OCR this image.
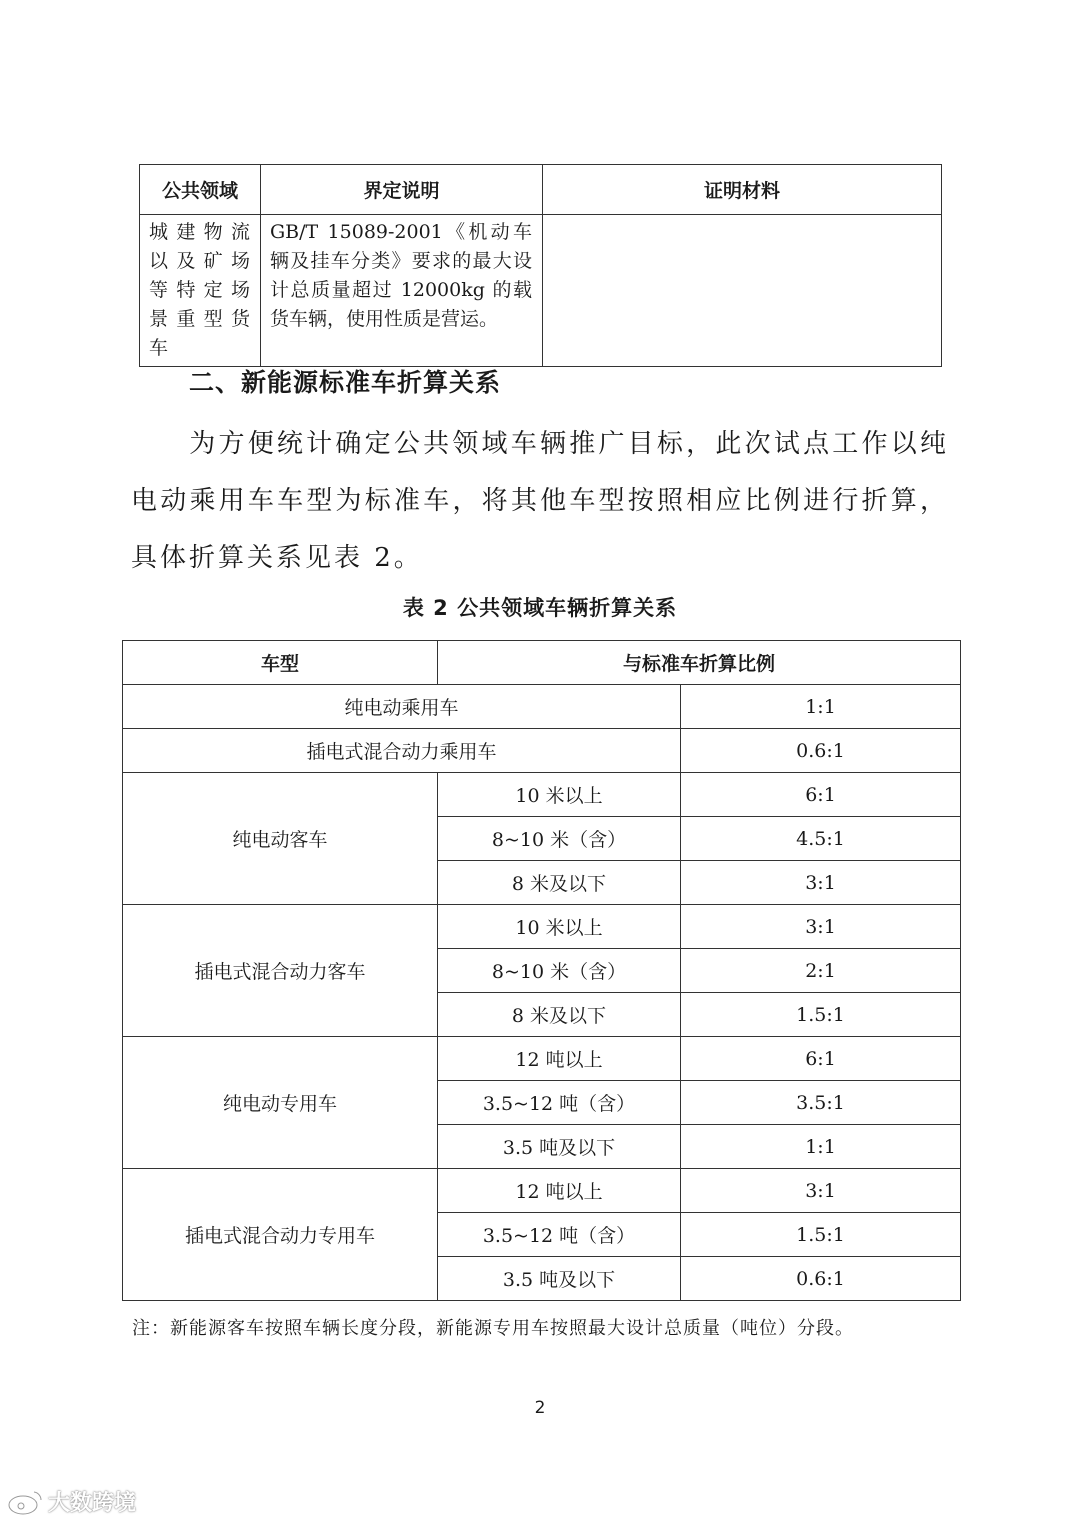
公共领域	界定说明	证明材料

城建物流
以及矿场
等特定场
景重型货
车	GB/T 15089-2001《机动车辆及挂车分类》要求的最大设计总质量超过 12000kg 的载货车辆，使用性质是营运。	
二、新能源标准车折算关系

为方便统计确定公共领域车辆推广目标，此次试点工作以纯电动乘用车车型为标准车，将其他车型按照相应比例进行折算，具体折算关系见表 2。

表 2 公共领域车辆折算关系
车型	与标准车折算比例	
纯电动乘用车		1:1
插电式混合动力乘用车		0.6:1
纯电动客车	10 米以上	6:1
	8~10 米（含）	4.5:1
	8 米及以下	3:1
插电式混合动力客车	10 米以上	3:1
	8~10 米（含）	2:1
	8 米及以下	1.5:1
纯电动专用车	12 吨以上	6:1
	3.5~12 吨（含）	3.5:1
	3.5 吨及以下	1:1
插电式混合动力专用车	12 吨以上	3:1
	3.5~12 吨（含）	1.5:1
	3.5 吨及以下	0.6:1

注：新能源客车按照车辆长度分段，新能源专用车按照最大设计总质量（吨位）分段。

2
大数跨境
